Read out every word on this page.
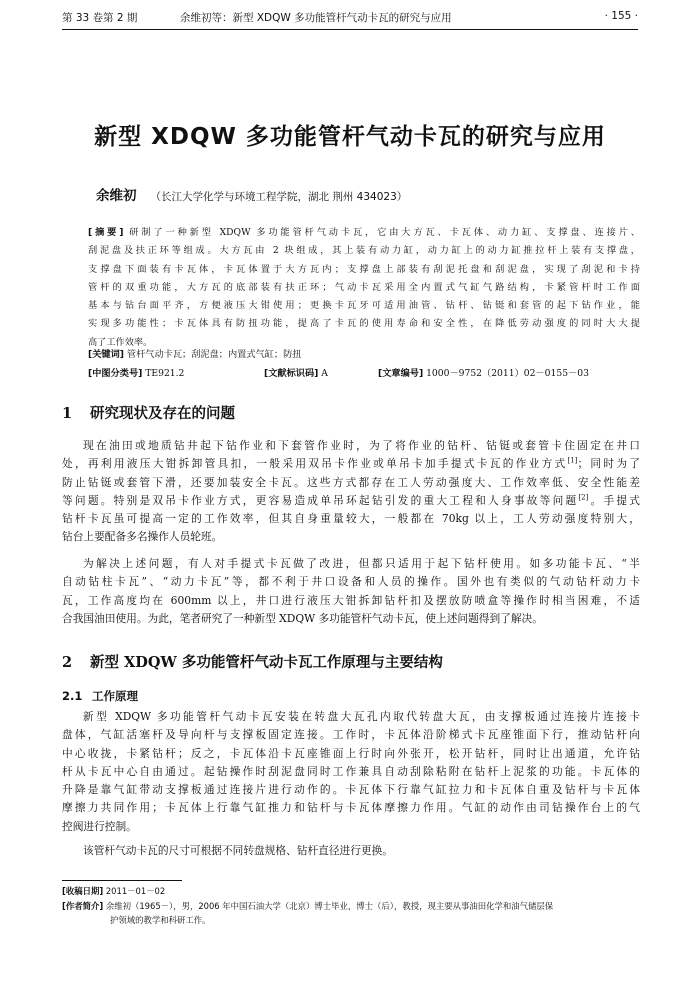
第 33 卷第 2 期	余维初等：新型 XDQW 多功能管杆气动卡瓦的研究与应用	· 155 ·
新型 XDQW 多功能管杆气动卡瓦的研究与应用
余维初 （长江大学化学与环境工程学院，湖北 荆州 434023）
[摘要] 研制了一种新型 XDQW 多功能管杆气动卡瓦，它由大方瓦、卡瓦体、动力缸、支撑盘、连接片、
刮泥盘及扶正环等组成。大方瓦由 2 块组成，其上装有动力缸，动力缸上的动力缸推拉杆上装有支撑盘，
支撑盘下面装有卡瓦体，卡瓦体置于大方瓦内；支撑盘上部装有刮泥托盘和刮泥盘，实现了刮泥和卡持
管杆的双重功能，大方瓦的底部装有扶正环；气动卡瓦采用全内置式气缸气路结构，卡紧管杆时工作面
基本与钻台面平齐，方便液压大钳使用；更换卡瓦牙可适用油管、钻杆、钻铤和套管的起下钻作业，能
实现多功能性；卡瓦体具有防扭功能，提高了卡瓦的使用寿命和安全性，在降低劳动强度的同时大大提
高了工作效率。
[关键词] 管杆气动卡瓦；刮泥盘；内置式气缸；防扭
[中图分类号] TE921.2	[文献标识码] A	[文章编号] 1000－9752（2011）02－0155－03
1 研究现状及存在的问题
现在油田或地质钻井起下钻作业和下套管作业时，为了将作业的钻杆、钻铤或套管卡住固定在井口
处，再利用液压大钳拆卸管具扣，一般采用双吊卡作业或单吊卡加手提式卡瓦的作业方式[1]；同时为了
防止钻铤或套管下滑，还要加装安全卡瓦。这些方式都存在工人劳动强度大、工作效率低、安全性能差
等问题。特别是双吊卡作业方式，更容易造成单吊环起钻引发的重大工程和人身事故等问题[2]。手提式
钻杆卡瓦虽可提高一定的工作效率，但其自身重量较大，一般都在 70kg 以上，工人劳动强度特别大，
钻台上要配备多名操作人员轮班。
为解决上述问题，有人对手提式卡瓦做了改进，但都只适用于起下钻杆使用。如多功能卡瓦、“半
自动钻柱卡瓦”、“动力卡瓦”等，都不利于井口设备和人员的操作。国外也有类似的气动钻杆动力卡
瓦，工作高度均在 600mm 以上，井口进行液压大钳拆卸钻杆扣及摆放防喷盒等操作时相当困难，不适
合我国油田使用。为此，笔者研究了一种新型 XDQW 多功能管杆气动卡瓦，使上述问题得到了解决。
2 新型 XDQW 多功能管杆气动卡瓦工作原理与主要结构
2.1 工作原理
新型 XDQW 多功能管杆气动卡瓦安装在转盘大瓦孔内取代转盘大瓦，由支撑板通过连接片连接卡
盘体，气缸活塞杆及导向杆与支撑板固定连接。工作时，卡瓦体沿阶梯式卡瓦座锥面下行，推动钻杆向
中心收拢，卡紧钻杆；反之，卡瓦体沿卡瓦座锥面上行时向外张开，松开钻杆，同时让出通道，允许钻
杆从卡瓦中心自由通过。起钻操作时刮泥盘同时工作兼具自动刮除粘附在钻杆上泥浆的功能。卡瓦体的
升降是靠气缸带动支撑板通过连接片进行动作的。卡瓦体下行靠气缸拉力和卡瓦体自重及钻杆与卡瓦体
摩擦力共同作用；卡瓦体上行靠气缸推力和钻杆与卡瓦体摩擦力作用。气缸的动作由司钻操作台上的气
控阀进行控制。
该管杆气动卡瓦的尺寸可根据不同转盘规格、钻杆直径进行更换。
[收稿日期] 2011－01－02
[作者简介] 余维初（1965－），男，2006 年中国石油大学（北京）博士毕业，博士（后），教授，现主要从事油田化学和油气储层保
护领域的教学和科研工作。
